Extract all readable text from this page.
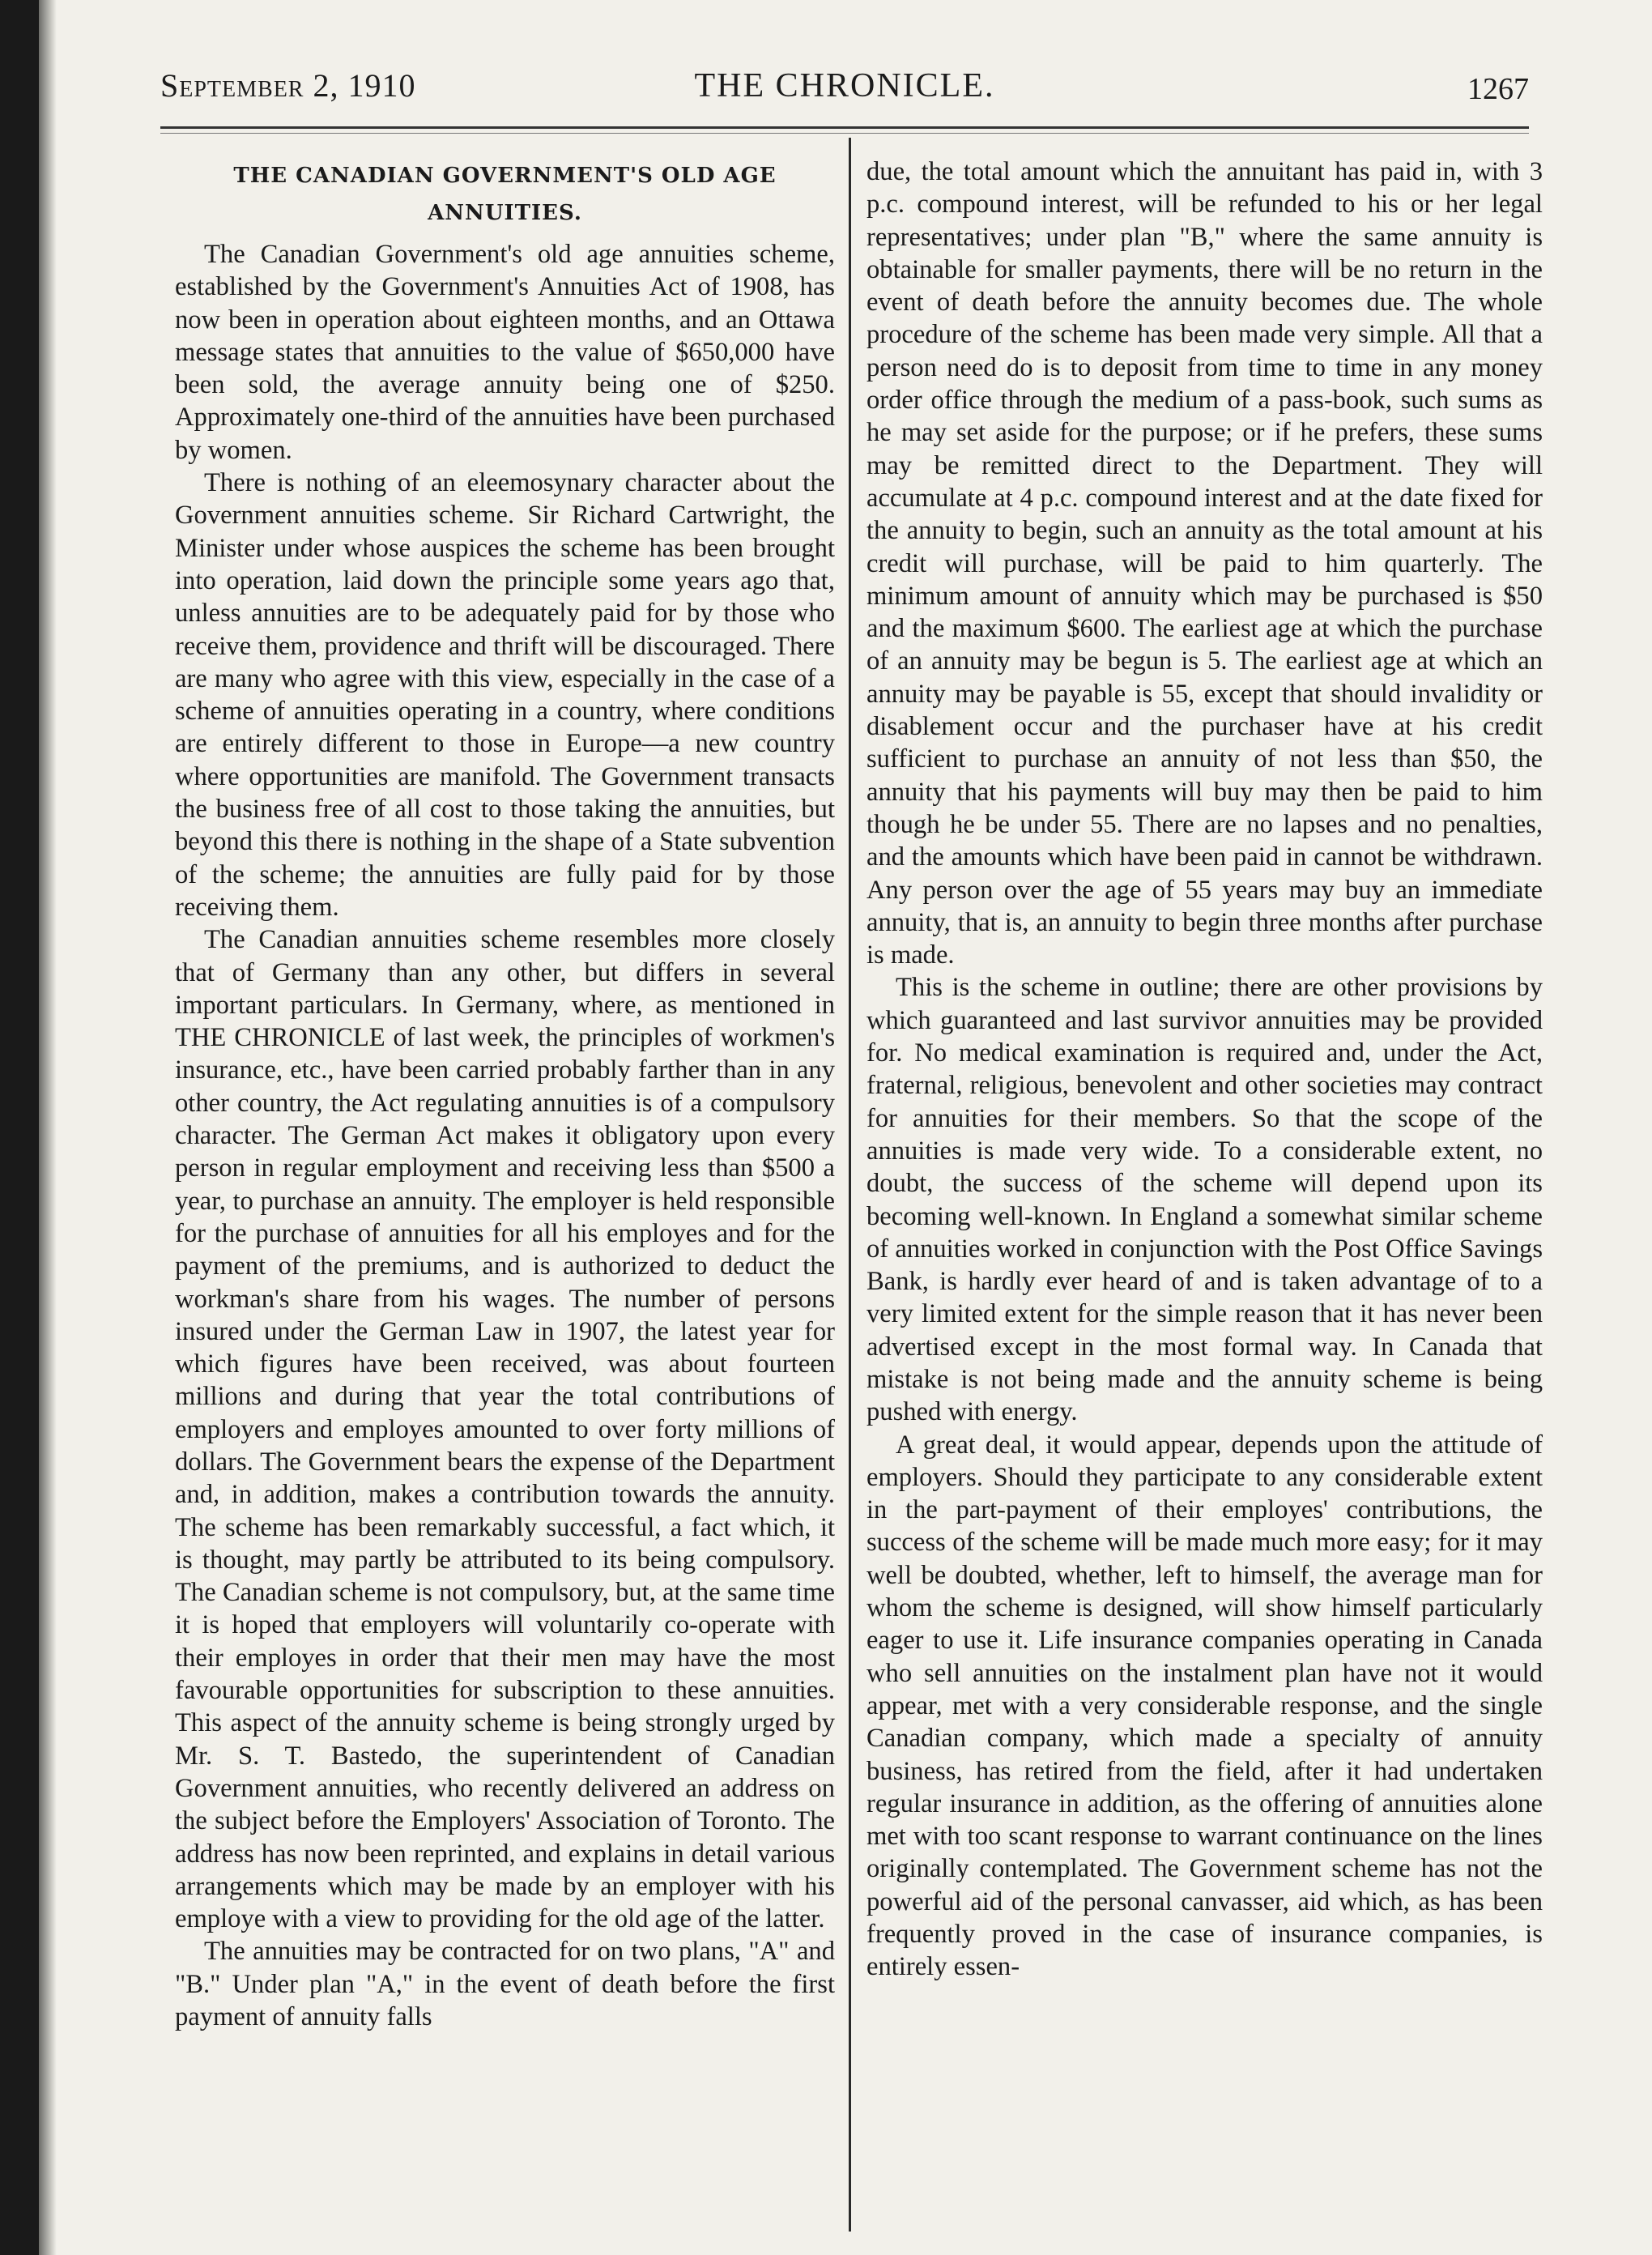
September 2, 1910	THE CHRONICLE.	1267
THE CANADIAN GOVERNMENT'S OLD AGE
ANNUITIES.

The Canadian Government's old age annuities scheme, established by the Government's Annuities Act of 1908, has now been in operation about eighteen months, and an Ottawa message states that annuities to the value of $650,000 have been sold, the average annuity being one of $250. Approximately one-third of the annuities have been purchased by women.

There is nothing of an eleemosynary character about the Government annuities scheme. Sir Richard Cartwright, the Minister under whose auspices the scheme has been brought into operation, laid down the principle some years ago that, unless annuities are to be adequately paid for by those who receive them, providence and thrift will be discouraged. There are many who agree with this view, especially in the case of a scheme of annuities operating in a country, where conditions are entirely different to those in Europe—a new country where opportunities are manifold. The Government transacts the business free of all cost to those taking the annuities, but beyond this there is nothing in the shape of a State subvention of the scheme; the annuities are fully paid for by those receiving them.

The Canadian annuities scheme resembles more closely that of Germany than any other, but differs in several important particulars. In Germany, where, as mentioned in THE CHRONICLE of last week, the principles of workmen's insurance, etc., have been carried probably farther than in any other country, the Act regulating annuities is of a compulsory character. The German Act makes it obligatory upon every person in regular employment and receiving less than $500 a year, to purchase an annuity. The employer is held responsible for the purchase of annuities for all his employes and for the payment of the premiums, and is authorized to deduct the workman's share from his wages. The number of persons insured under the German Law in 1907, the latest year for which figures have been received, was about fourteen millions and during that year the total contributions of employers and employes amounted to over forty millions of dollars. The Government bears the expense of the Department and, in addition, makes a contribution towards the annuity. The scheme has been remarkably successful, a fact which, it is thought, may partly be attributed to its being compulsory. The Canadian scheme is not compulsory, but, at the same time it is hoped that employers will voluntarily co-operate with their employes in order that their men may have the most favourable opportunities for subscription to these annuities. This aspect of the annuity scheme is being strongly urged by Mr. S. T. Bastedo, the superintendent of Canadian Government annuities, who recently delivered an address on the subject before the Employers' Association of Toronto. The address has now been reprinted, and explains in detail various arrangements which may be made by an employer with his employe with a view to providing for the old age of the latter.

The annuities may be contracted for on two plans, "A" and "B." Under plan "A," in the event of death before the first payment of annuity falls

due, the total amount which the annuitant has paid in, with 3 p.c. compound interest, will be refunded to his or her legal representatives; under plan "B," where the same annuity is obtainable for smaller payments, there will be no return in the event of death before the annuity becomes due. The whole procedure of the scheme has been made very simple. All that a person need do is to deposit from time to time in any money order office through the medium of a pass-book, such sums as he may set aside for the purpose; or if he prefers, these sums may be remitted direct to the Department. They will accumulate at 4 p.c. compound interest and at the date fixed for the annuity to begin, such an annuity as the total amount at his credit will purchase, will be paid to him quarterly. The minimum amount of annuity which may be purchased is $50 and the maximum $600. The earliest age at which the purchase of an annuity may be begun is 5. The earliest age at which an annuity may be payable is 55, except that should invalidity or disablement occur and the purchaser have at his credit sufficient to purchase an annuity of not less than $50, the annuity that his payments will buy may then be paid to him though he be under 55. There are no lapses and no penalties, and the amounts which have been paid in cannot be withdrawn. Any person over the age of 55 years may buy an immediate annuity, that is, an annuity to begin three months after purchase is made.

This is the scheme in outline; there are other provisions by which guaranteed and last survivor annuities may be provided for. No medical examination is required and, under the Act, fraternal, religious, benevolent and other societies may contract for annuities for their members. So that the scope of the annuities is made very wide. To a considerable extent, no doubt, the success of the scheme will depend upon its becoming well-known. In England a somewhat similar scheme of annuities worked in conjunction with the Post Office Savings Bank, is hardly ever heard of and is taken advantage of to a very limited extent for the simple reason that it has never been advertised except in the most formal way. In Canada that mistake is not being made and the annuity scheme is being pushed with energy.

A great deal, it would appear, depends upon the attitude of employers. Should they participate to any considerable extent in the part-payment of their employes' contributions, the success of the scheme will be made much more easy; for it may well be doubted, whether, left to himself, the average man for whom the scheme is designed, will show himself particularly eager to use it. Life insurance companies operating in Canada who sell annuities on the instalment plan have not it would appear, met with a very considerable response, and the single Canadian company, which made a specialty of annuity business, has retired from the field, after it had undertaken regular insurance in addition, as the offering of annuities alone met with too scant response to warrant continuance on the lines originally contemplated. The Government scheme has not the powerful aid of the personal canvasser, aid which, as has been frequently proved in the case of insurance companies, is entirely essen-
